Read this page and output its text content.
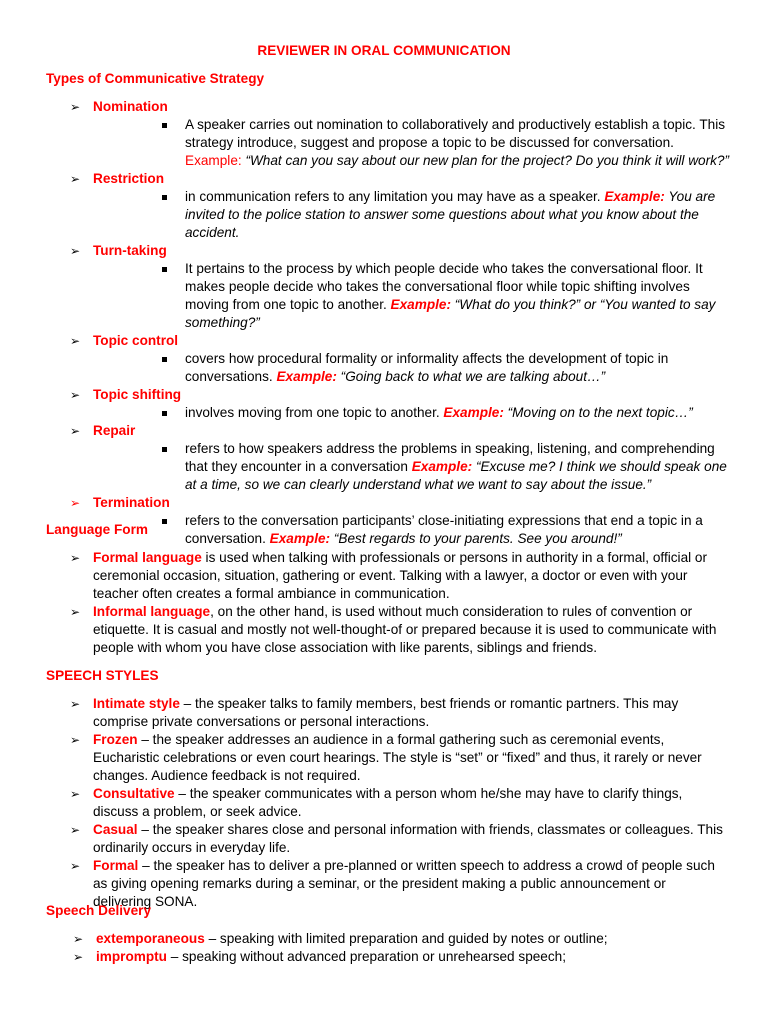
REVIEWER IN ORAL COMMUNICATION
Types of Communicative Strategy
➢ Nomination
A speaker carries out nomination to collaboratively and productively establish a topic. This strategy introduce, suggest and propose a topic to be discussed for conversation. Example: “What can you say about our new plan for the project? Do you think it will work?”
➢ Restriction
in communication refers to any limitation you may have as a speaker. Example: You are invited to the police station to answer some questions about what you know about the accident.
➢ Turn-taking
It pertains to the process by which people decide who takes the conversational floor. It makes people decide who takes the conversational floor while topic shifting involves moving from one topic to another. Example: “What do you think?” or “You wanted to say something?”
➢ Topic control
covers how procedural formality or informality affects the development of topic in conversations. Example: “Going back to what we are talking about…”
➢ Topic shifting
involves moving from one topic to another. Example: “Moving on to the next topic…”
➢ Repair
refers to how speakers address the problems in speaking, listening, and comprehending that they encounter in a conversation Example: “Excuse me? I think we should speak one at a time, so we can clearly understand what we want to say about the issue.”
➢ Termination
refers to the conversation participants’ close-initiating expressions that end a topic in a conversation. Example: “Best regards to your parents. See you around!”
Language Form
➢ Formal language is used when talking with professionals or persons in authority in a formal, official or ceremonial occasion, situation, gathering or event. Talking with a lawyer, a doctor or even with your teacher often creates a formal ambiance in communication.
➢ Informal language, on the other hand, is used without much consideration to rules of convention or etiquette. It is casual and mostly not well-thought-of or prepared because it is used to communicate with people with whom you have close association with like parents, siblings and friends.
SPEECH STYLES
➢ Intimate style – the speaker talks to family members, best friends or romantic partners. This may comprise private conversations or personal interactions.
➢ Frozen – the speaker addresses an audience in a formal gathering such as ceremonial events, Eucharistic celebrations or even court hearings. The style is “set” or “fixed” and thus, it rarely or never changes. Audience feedback is not required.
➢ Consultative – the speaker communicates with a person whom he/she may have to clarify things, discuss a problem, or seek advice.
➢ Casual – the speaker shares close and personal information with friends, classmates or colleagues. This ordinarily occurs in everyday life.
➢ Formal – the speaker has to deliver a pre-planned or written speech to address a crowd of people such as giving opening remarks during a seminar, or the president making a public announcement or delivering SONA.
Speech Delivery
➢ extemporaneous – speaking with limited preparation and guided by notes or outline;
➢ impromptu – speaking without advanced preparation or unrehearsed speech;
